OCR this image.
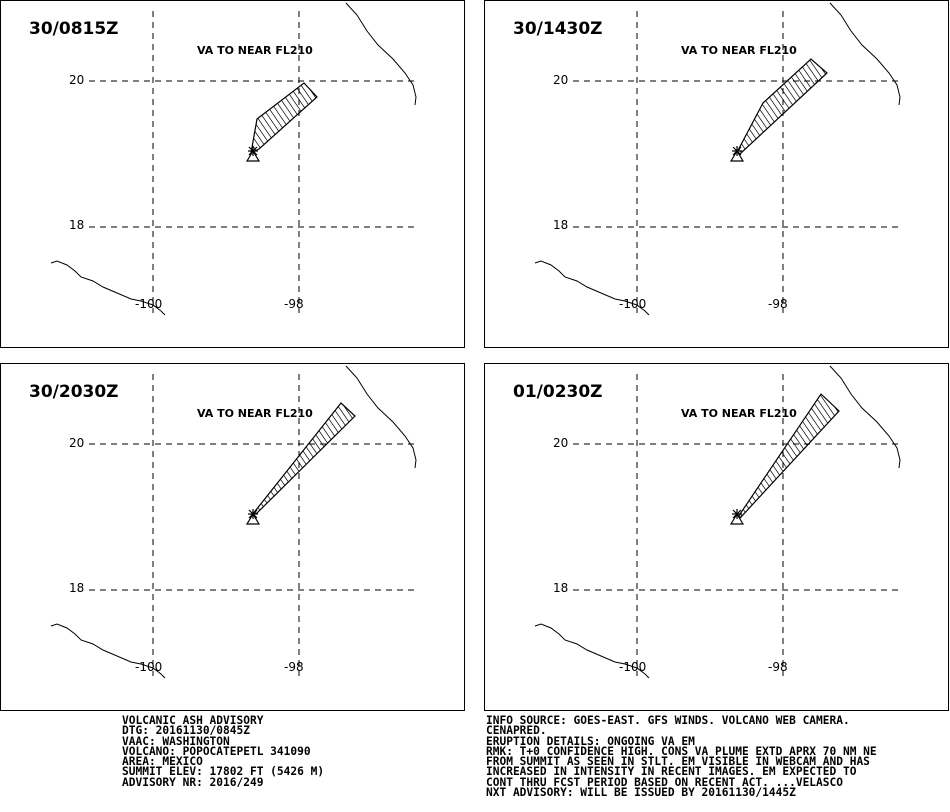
30/0815Z
VA TO NEAR FL210
20
18
-100	-98
30/1430Z
VA TO NEAR FL210
20
18
-100	-98
30/2030Z
VA TO NEAR FL210
20
18
-100	-98
01/0230Z
VA TO NEAR FL210
20
18
-100	-98
VOLCANIC ASH ADVISORY
DTG: 20161130/0845Z
VAAC: WASHINGTON
VOLCANO: POPOCATEPETL 341090
AREA: MEXICO
SUMMIT ELEV: 17802 FT (5426 M)
ADVISORY NR: 2016/249
INFO SOURCE: GOES-EAST. GFS WINDS. VOLCANO WEB CAMERA.
CENAPRED.
ERUPTION DETAILS: ONGOING VA EM
RMK: T+0 CONFIDENCE HIGH. CONS VA PLUME EXTD APRX 70 NM NE
FROM SUMMIT AS SEEN IN STLT. EM VISIBLE IN WEBCAM AND HAS
INCREASED IN INTENSITY IN RECENT IMAGES. EM EXPECTED TO
CONT THRU FCST PERIOD BASED ON RECENT ACT. ...VELASCO
NXT ADVISORY: WILL BE ISSUED BY 20161130/1445Z
